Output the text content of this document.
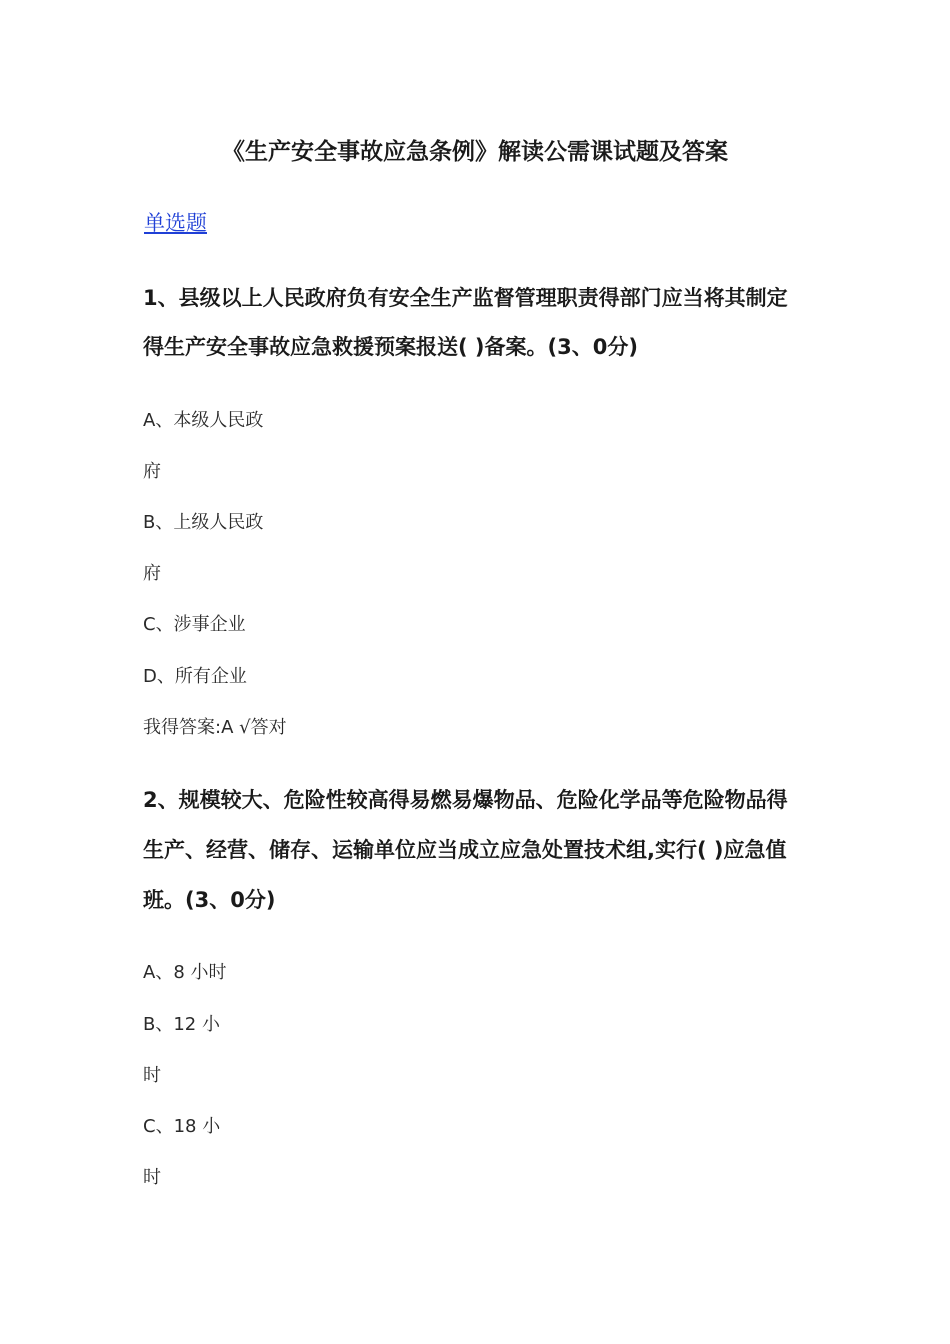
《生产安全事故应急条例》解读公需课试题及答案
单选题
1、县级以上人民政府负有安全生产监督管理职责得部门应当将其制定
得生产安全事故应急救援预案报送( )备案。(3、0分)
A、本级人民政
府
B、上级人民政
府
C、涉事企业
D、所有企业
我得答案:A √答对
2、规模较大、危险性较高得易燃易爆物品、危险化学品等危险物品得
生产、经营、储存、运输单位应当成立应急处置技术组,实行( )应急值
班。(3、0分)
A、8 小时
B、12 小
时
C、18 小
时
